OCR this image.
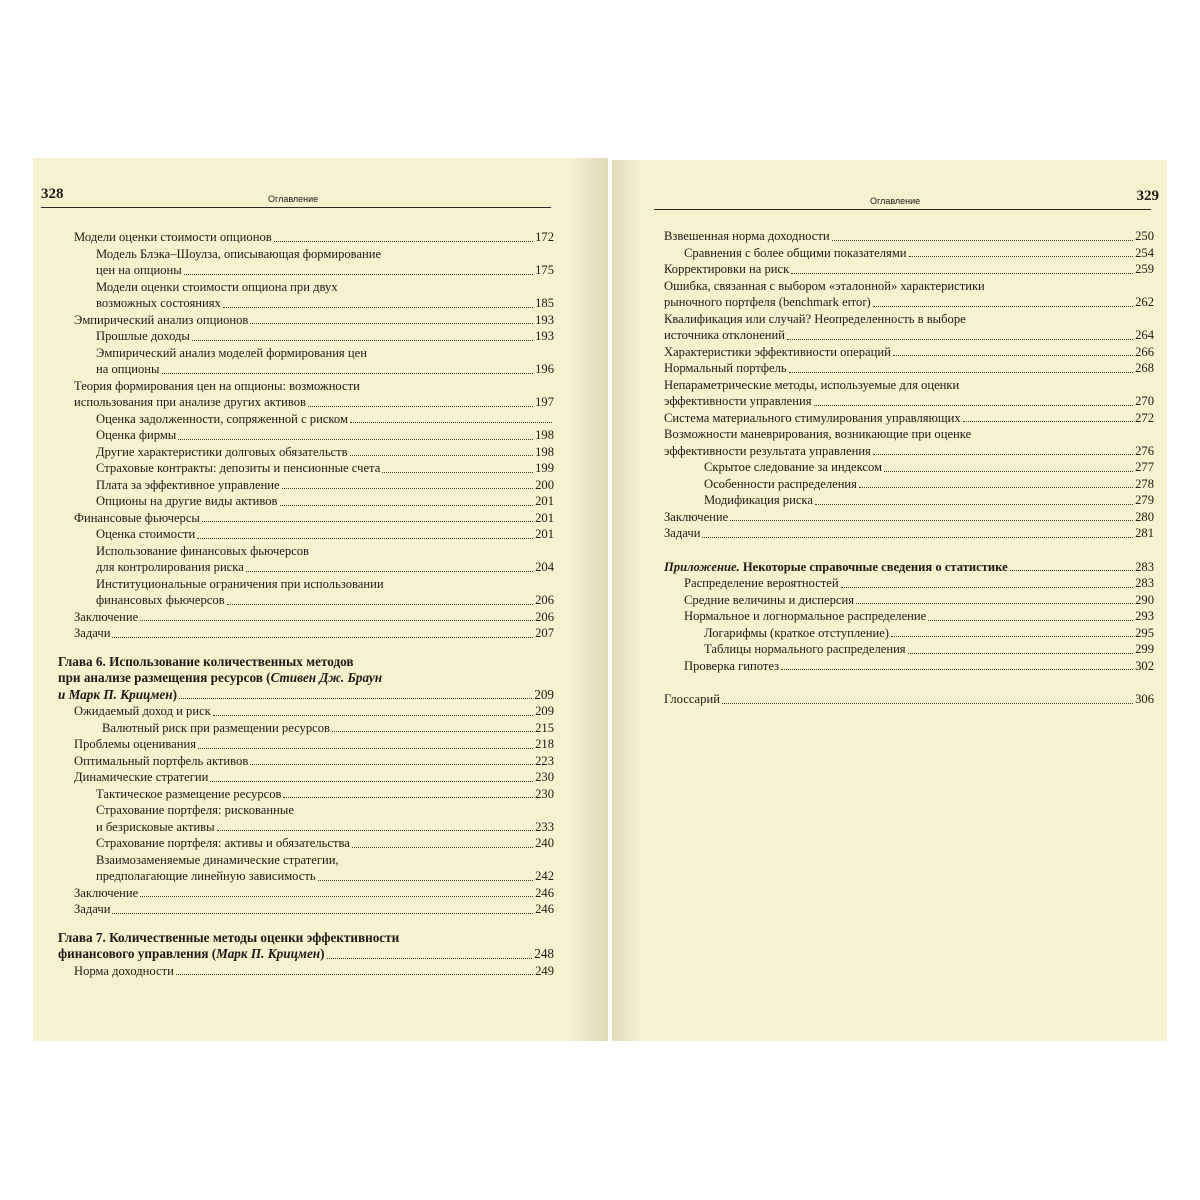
328	Оглавление
Модели оценки стоимости опционов	172
Модель Блэка–Шоулза, описывающая формирование
цен на опционы	175
Модели оценки стоимости опциона при двух
возможных состояниях	185
Эмпирический анализ опционов	193
Прошлые доходы	193
Эмпирический анализ моделей формирования цен
на опционы	196
Теория формирования цен на опционы: возможности
использования при анализе других активов	197
Оценка задолженности, сопряженной с риском
Оценка фирмы	198
Другие характеристики долговых обязательств	198
Страховые контракты: депозиты и пенсионные счета	199
Плата за эффективное управление	200
Опционы на другие виды активов	201
Финансовые фьючерсы	201
Оценка стоимости	201
Использование финансовых фьючерсов
для контролирования риска	204
Институциональные ограничения при использовании
финансовых фьючерсов	206
Заключение	206
Задачи	207
Глава 6. Использование количественных методов
при анализе размещения ресурсов (Стивен Дж. Браун
и Марк П. Крицмен)	209
Ожидаемый доход и риск	209
Валютный риск при размещении ресурсов	215
Проблемы оценивания	218
Оптимальный портфель активов	223
Динамические стратегии	230
Тактическое размещение ресурсов	230
Страхование портфеля: рискованные
и безрисковые активы	233
Страхование портфеля: активы и обязательства	240
Взаимозаменяемые динамические стратегии,
предполагающие линейную зависимость	242
Заключение	246
Задачи	246
Глава 7. Количественные методы оценки эффективности
финансового управления (Марк П. Крицмен)	248
Норма доходности	249
329
Оглавление
Взвешенная норма доходности	250
Сравнения с более общими показателями	254
Корректировки на риск	259
Ошибка, связанная с выбором «эталонной» характеристики
рыночного портфеля (benchmark error)	262
Квалификация или случай? Неопределенность в выборе
источника отклонений	264
Характеристики эффективности операций	266
Нормальный портфель	268
Непараметрические методы, используемые для оценки
эффективности управления	270
Система материального стимулирования управляющих	272
Возможности маневрирования, возникающие при оценке
эффективности результата управления	276
Скрытое следование за индексом	277
Особенности распределения	278
Модификация риска	279
Заключение	280
Задачи	281
Приложение. Некоторые справочные сведения о статистике	283
Распределение вероятностей	283
Средние величины и дисперсия	290
Нормальное и логнормальное распределение	293
Логарифмы (краткое отступление)	295
Таблицы нормального распределения	299
Проверка гипотез	302
Глоссарий	306
